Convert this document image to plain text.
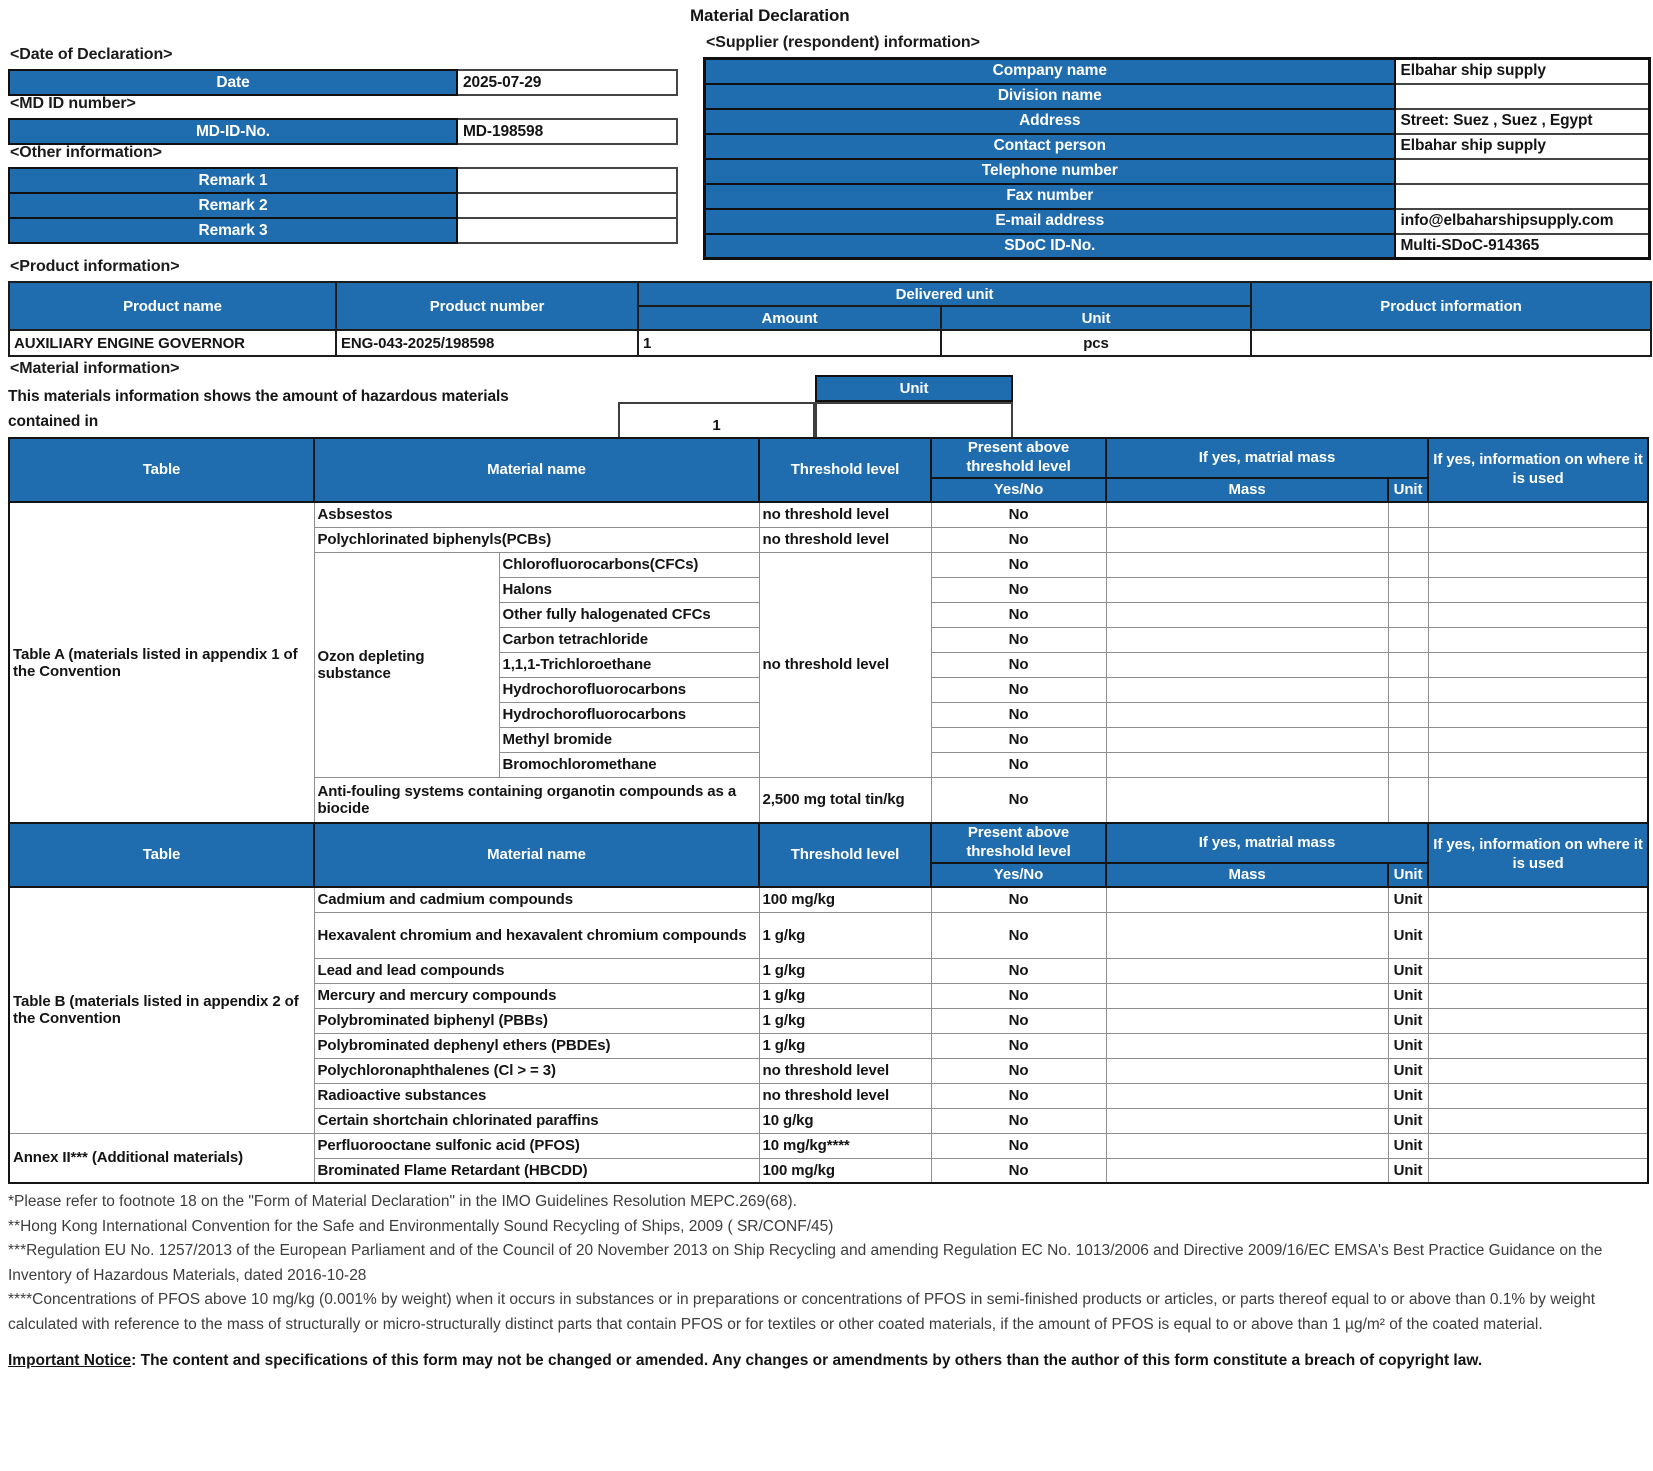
Material Declaration
<Date of Declaration>
Date	2025-07-29
<MD ID number>
MD-ID-No.	MD-198598
<Other information>
Remark 1	
Remark 2	
Remark 3	
<Supplier (respondent) information>
Company name	Elbahar ship supply
Division name	
Address	Street: Suez , Suez , Egypt
Contact person	Elbahar ship supply
Telephone number	
Fax number	
E-mail address	info@elbaharshipsupply.com
SDoC ID-No.	Multi-SDoC-914365
<Product information>
Product name	Product number	Delivered unit		Product information
		Amount	Unit	
AUXILIARY ENGINE GOVERNOR	ENG-043-2025/198598	1	pcs	
<Material information>
This materials information shows the amount of hazardous materials contained in
Unit
1
Table	Material name		Threshold level	Present above threshold level	If yes, matrial mass		If yes, information on where it is used
				Yes/No	Mass	Unit	
Table A (materials listed in appendix 1 of the Convention	Asbsestos		no threshold level	No			
	Polychlorinated biphenyls(PCBs)		no threshold level	No			
	Ozon depleting substance	Chlorofluorocarbons(CFCs)	no threshold level	No			
		Halons		No			
		Other fully halogenated CFCs		No			
		Carbon tetrachloride		No			
		1,1,1-Trichloroethane		No			
		Hydrochorofluorocarbons		No			
		Hydrochorofluorocarbons		No			
		Methyl bromide		No			
		Bromochloromethane		No			
	Anti-fouling systems containing organotin compounds as a biocide		2,500 mg total tin/kg	No			
Table	Material name		Threshold level	Present above threshold level	If yes, matrial mass		If yes, information on where it is used
				Yes/No	Mass	Unit	
Table B (materials listed in appendix 2 of the Convention	Cadmium and cadmium compounds		100 mg/kg	No		Unit	
	Hexavalent chromium and hexavalent chromium compounds		1 g/kg	No		Unit	
	Lead and lead compounds		1 g/kg	No		Unit	
	Mercury and mercury compounds		1 g/kg	No		Unit	
	Polybrominated biphenyl (PBBs)		1 g/kg	No		Unit	
	Polybrominated dephenyl ethers (PBDEs)		1 g/kg	No		Unit	
	Polychloronaphthalenes (Cl > = 3)		no threshold level	No		Unit	
	Radioactive substances		no threshold level	No		Unit	
	Certain shortchain chlorinated paraffins		10 g/kg	No		Unit	
Annex II*** (Additional materials)	Perfluorooctane sulfonic acid (PFOS)		10 mg/kg****	No		Unit	
	Brominated Flame Retardant (HBCDD)		100 mg/kg	No		Unit	

*Please refer to footnote 18 on the "Form of Material Declaration" in the IMO Guidelines Resolution MEPC.269(68).

**Hong Kong International Convention for the Safe and Environmentally Sound Recycling of Ships, 2009 ( SR/CONF/45)

***Regulation EU No. 1257/2013 of the European Parliament and of the Council of 20 November 2013 on Ship Recycling and amending Regulation EC No. 1013/2006 and Directive 2009/16/EC EMSA's Best Practice Guidance on the Inventory of Hazardous Materials, dated 2016-10-28

****Concentrations of PFOS above 10 mg/kg (0.001% by weight) when it occurs in substances or in preparations or concentrations of PFOS in semi-finished products or articles, or parts thereof equal to or above than 0.1% by weight calculated with reference to the mass of structurally or micro-structurally distinct parts that contain PFOS or for textiles or other coated materials, if the amount of PFOS is equal to or above than 1 µg/m² of the coated material.

Important Notice: The content and specifications of this form may not be changed or amended. Any changes or amendments by others than the author of this form constitute a breach of copyright law.
